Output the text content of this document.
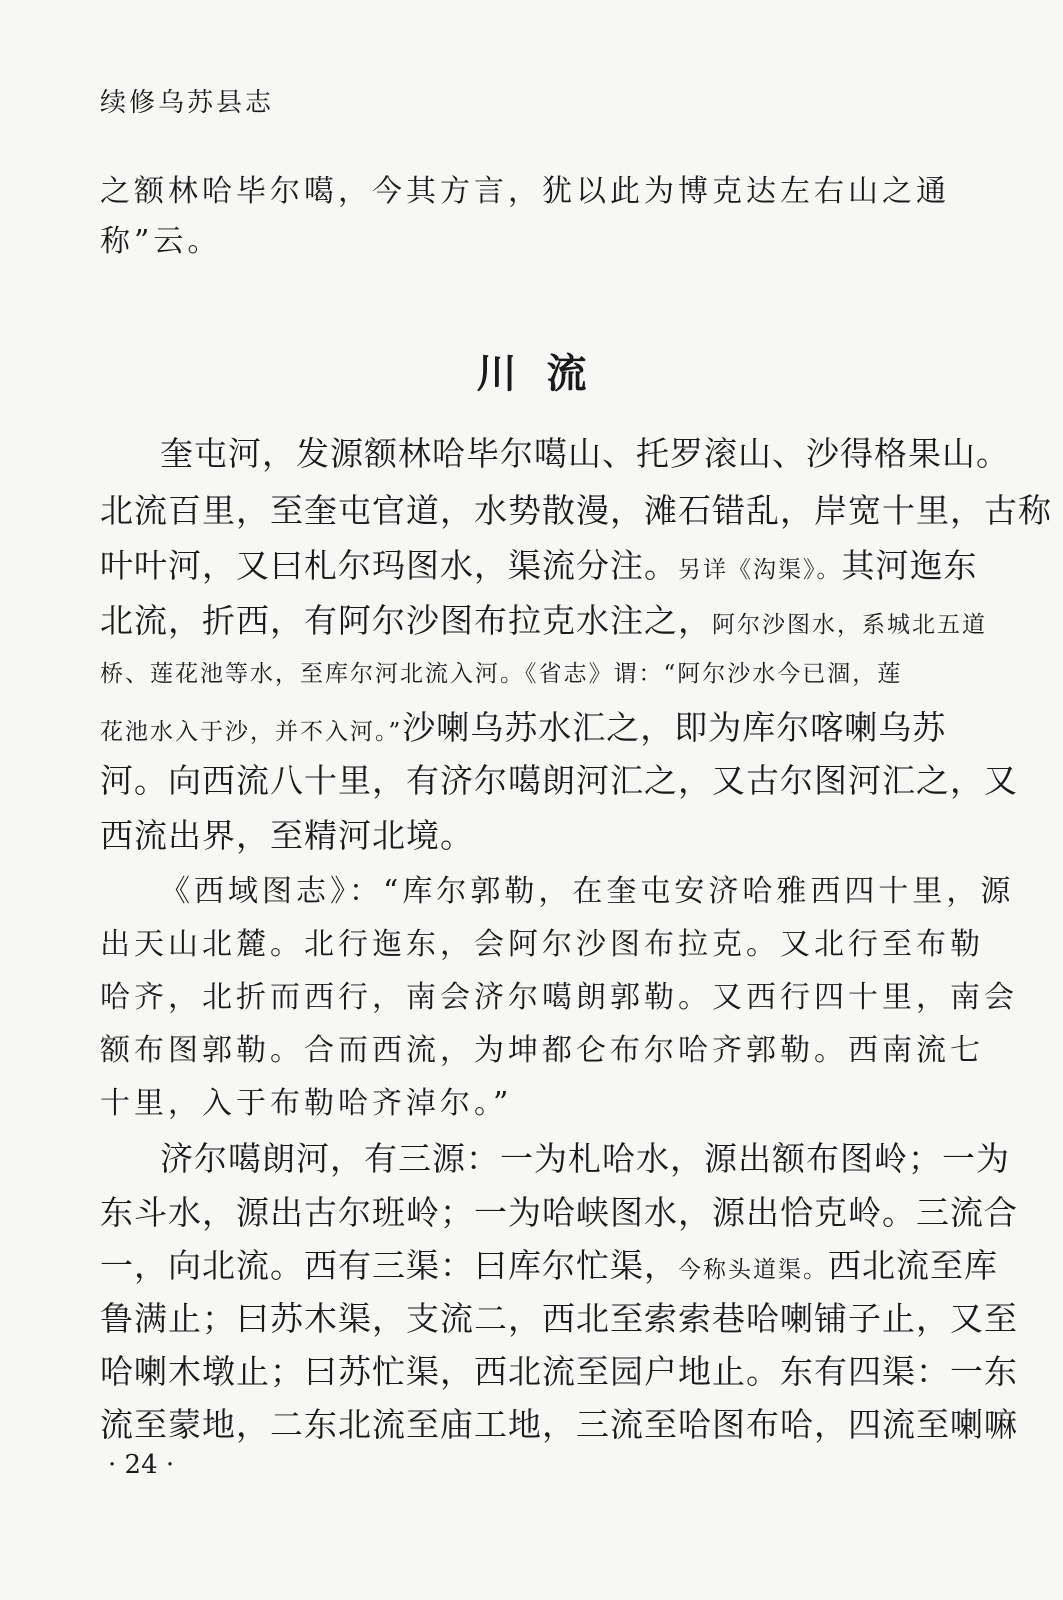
续修乌苏县志
之额林哈毕尔噶，今其方言，犹以此为博克达左右山之通
称”云。
川流
奎屯河，发源额林哈毕尔噶山、托罗滚山、沙得格果山。
北流百里，至奎屯官道，水势散漫，滩石错乱，岸宽十里，古称
叶叶河，又曰札尔玛图水，渠流分注。另详《沟渠》。其河迤东
北流，折西，有阿尔沙图布拉克水注之，阿尔沙图水，系城北五道
桥、莲花池等水，至库尔河北流入河。《省志》谓：“阿尔沙水今已涸，莲
花池水入于沙，并不入河。”沙喇乌苏水汇之，即为库尔喀喇乌苏
河。向西流八十里，有济尔噶朗河汇之，又古尔图河汇之，又
西流出界，至精河北境。
《西域图志》：“库尔郭勒，在奎屯安济哈雅西四十里，源
出天山北麓。北行迤东，会阿尔沙图布拉克。又北行至布勒
哈齐，北折而西行，南会济尔噶朗郭勒。又西行四十里，南会
额布图郭勒。合而西流，为坤都仑布尔哈齐郭勒。西南流七
十里，入于布勒哈齐淖尔。”
济尔噶朗河，有三源：一为札哈水，源出额布图岭；一为
东斗水，源出古尔班岭；一为哈峡图水，源出恰克岭。三流合
一，向北流。西有三渠：曰库尔忙渠，今称头道渠。西北流至库
鲁满止；曰苏木渠，支流二，西北至索索巷哈喇铺子止，又至
哈喇木墩止；曰苏忙渠，西北流至园户地止。东有四渠：一东
流至蒙地，二东北流至庙工地，三流至哈图布哈，四流至喇嘛
· 24 ·
